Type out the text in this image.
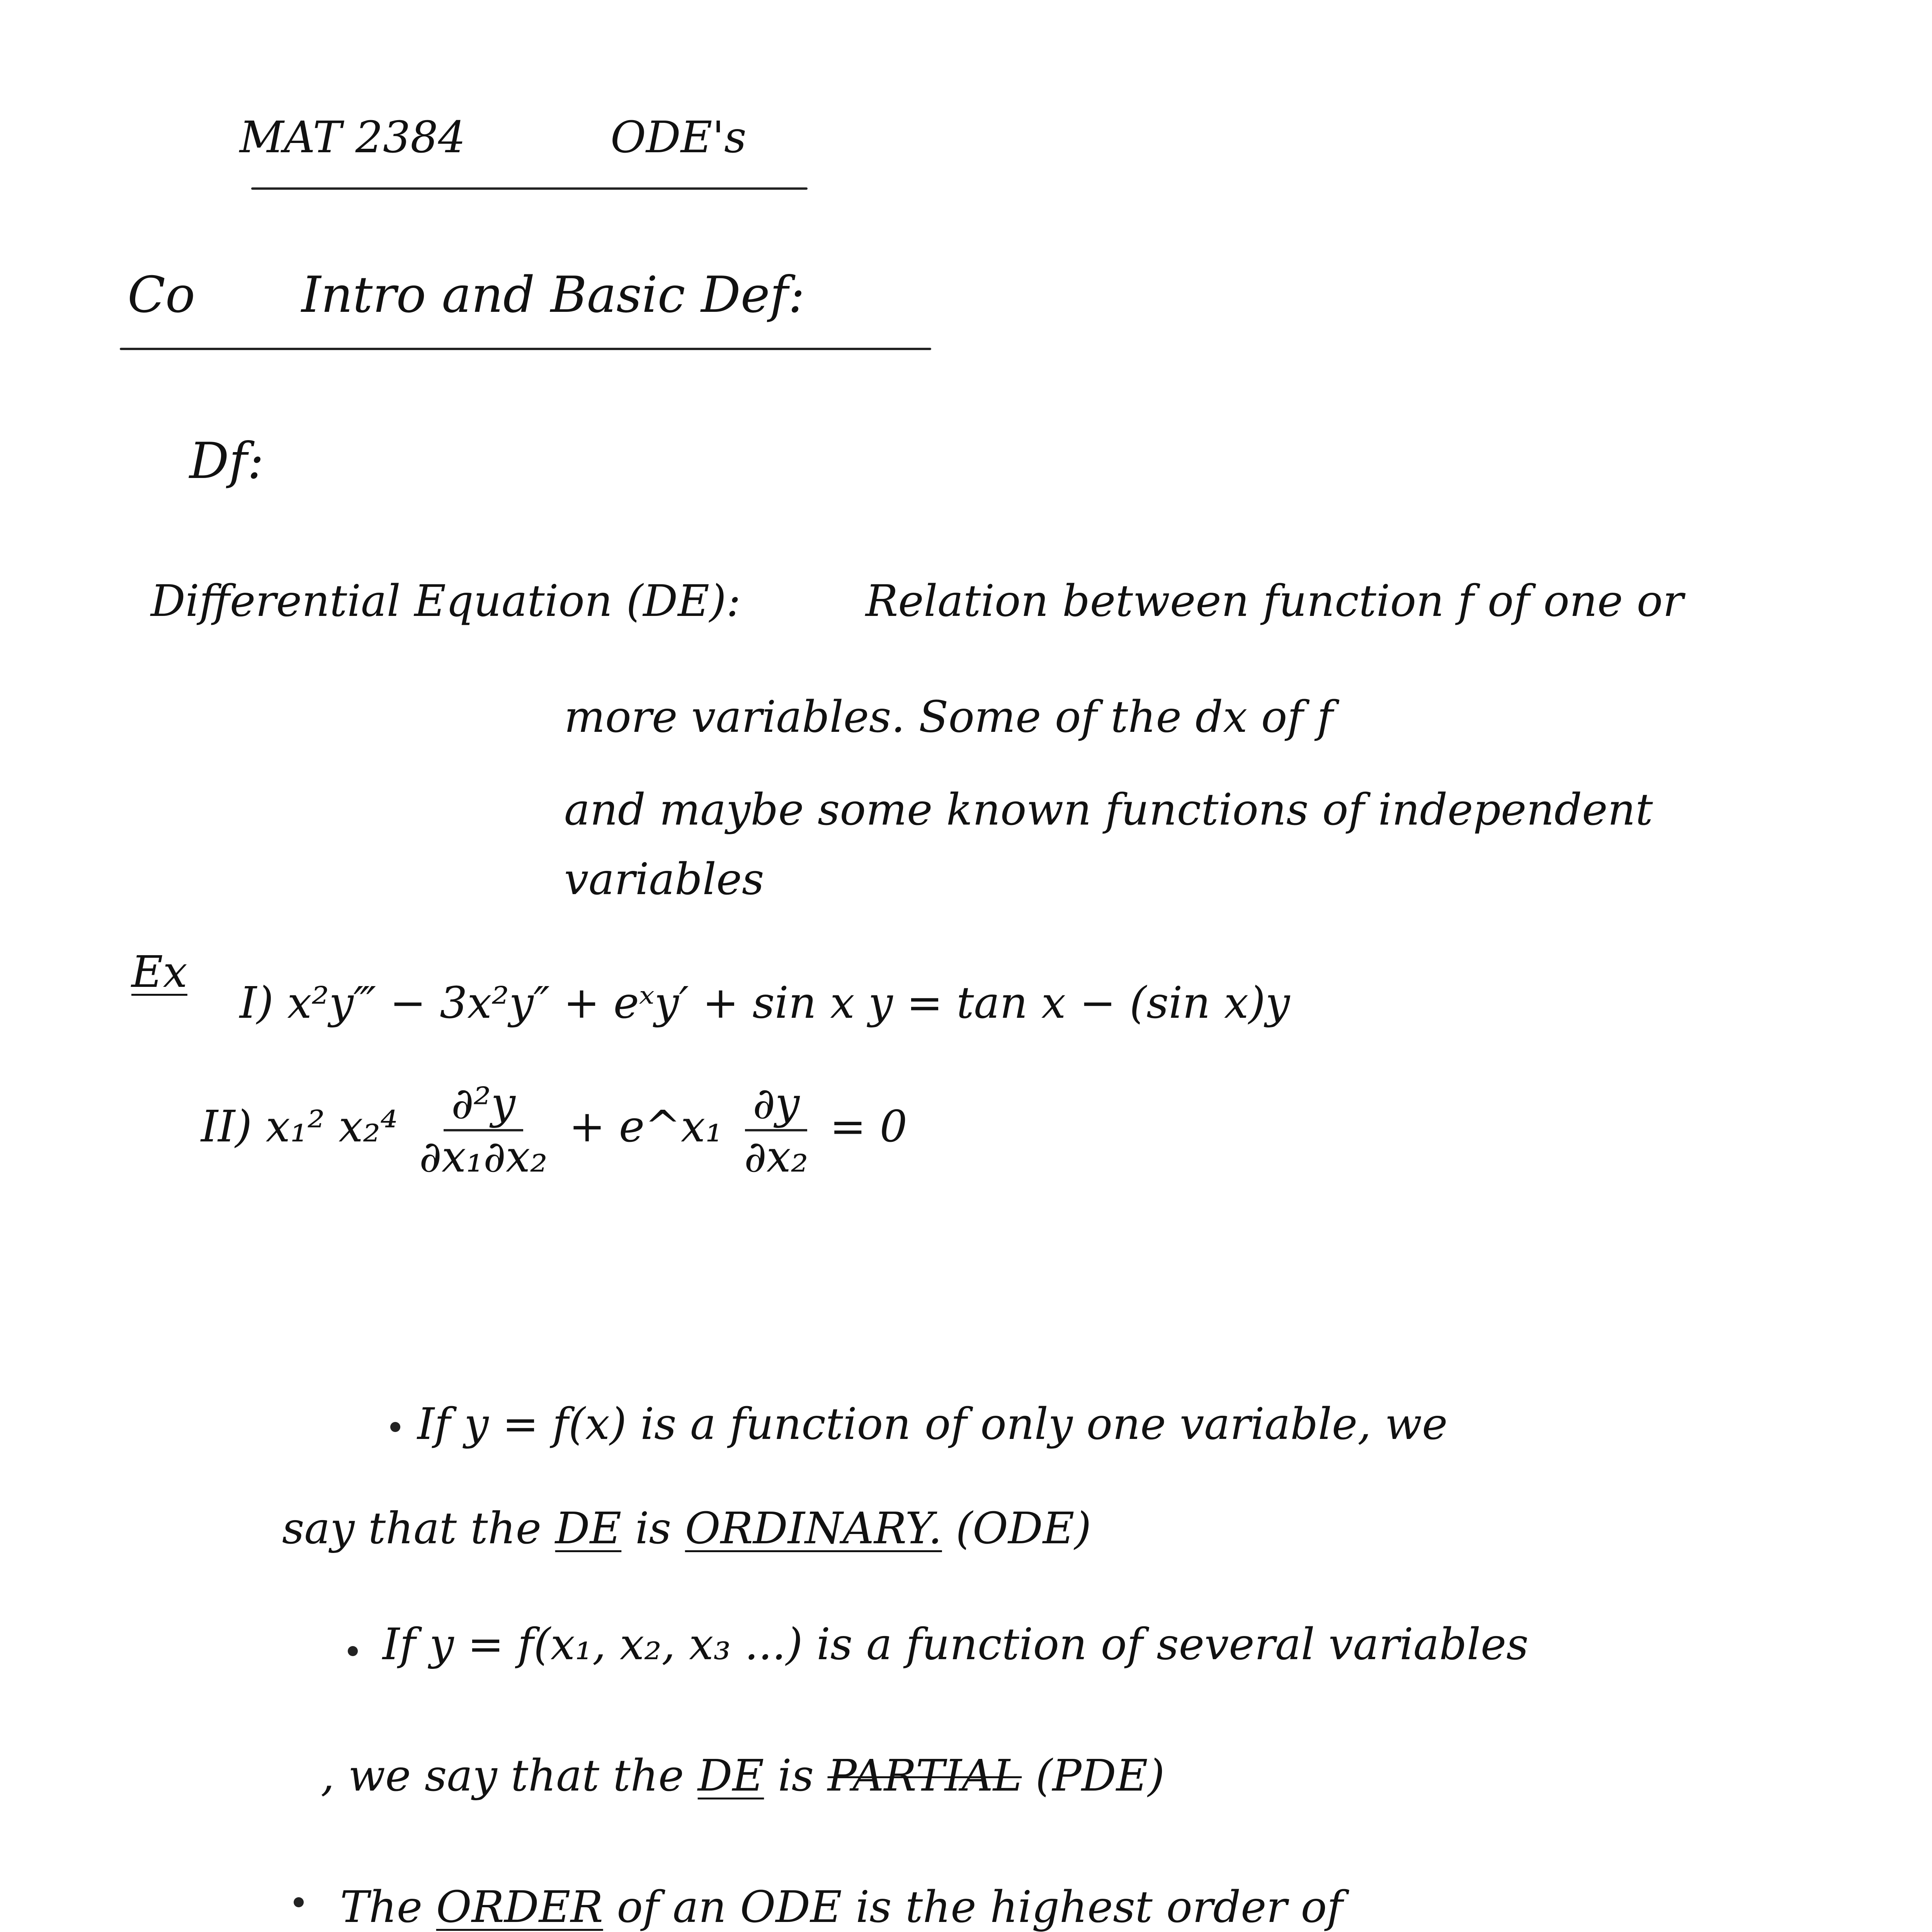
MAT 2384	ODE's
Co Intro and Basic Def:
Df:
Differential Equation (DE):	Relation between function f of one or
more variables. Some of the dx of f
and maybe some known functions of independent
variables
Ex
I) x²y‴ − 3x²y″ + eˣy′ + sin x y = tan x − (sin x)y
II) x₁² $x_2^4 \frac{\text{∂²y}}{\text{∂x₁∂x₂}}$ + e^x₁ $\frac{\partial y}{\text{∂x₂}} = 0$
If y = f(x) is a function of only one variable, we
say that the DE is ORDINARY. (ODE)
If y = f(x₁, x₂, x₃ ...) is a function of several variables
, we say that the DE is PARTIAL (PDE)
The ORDER of an ODE is the highest order of
